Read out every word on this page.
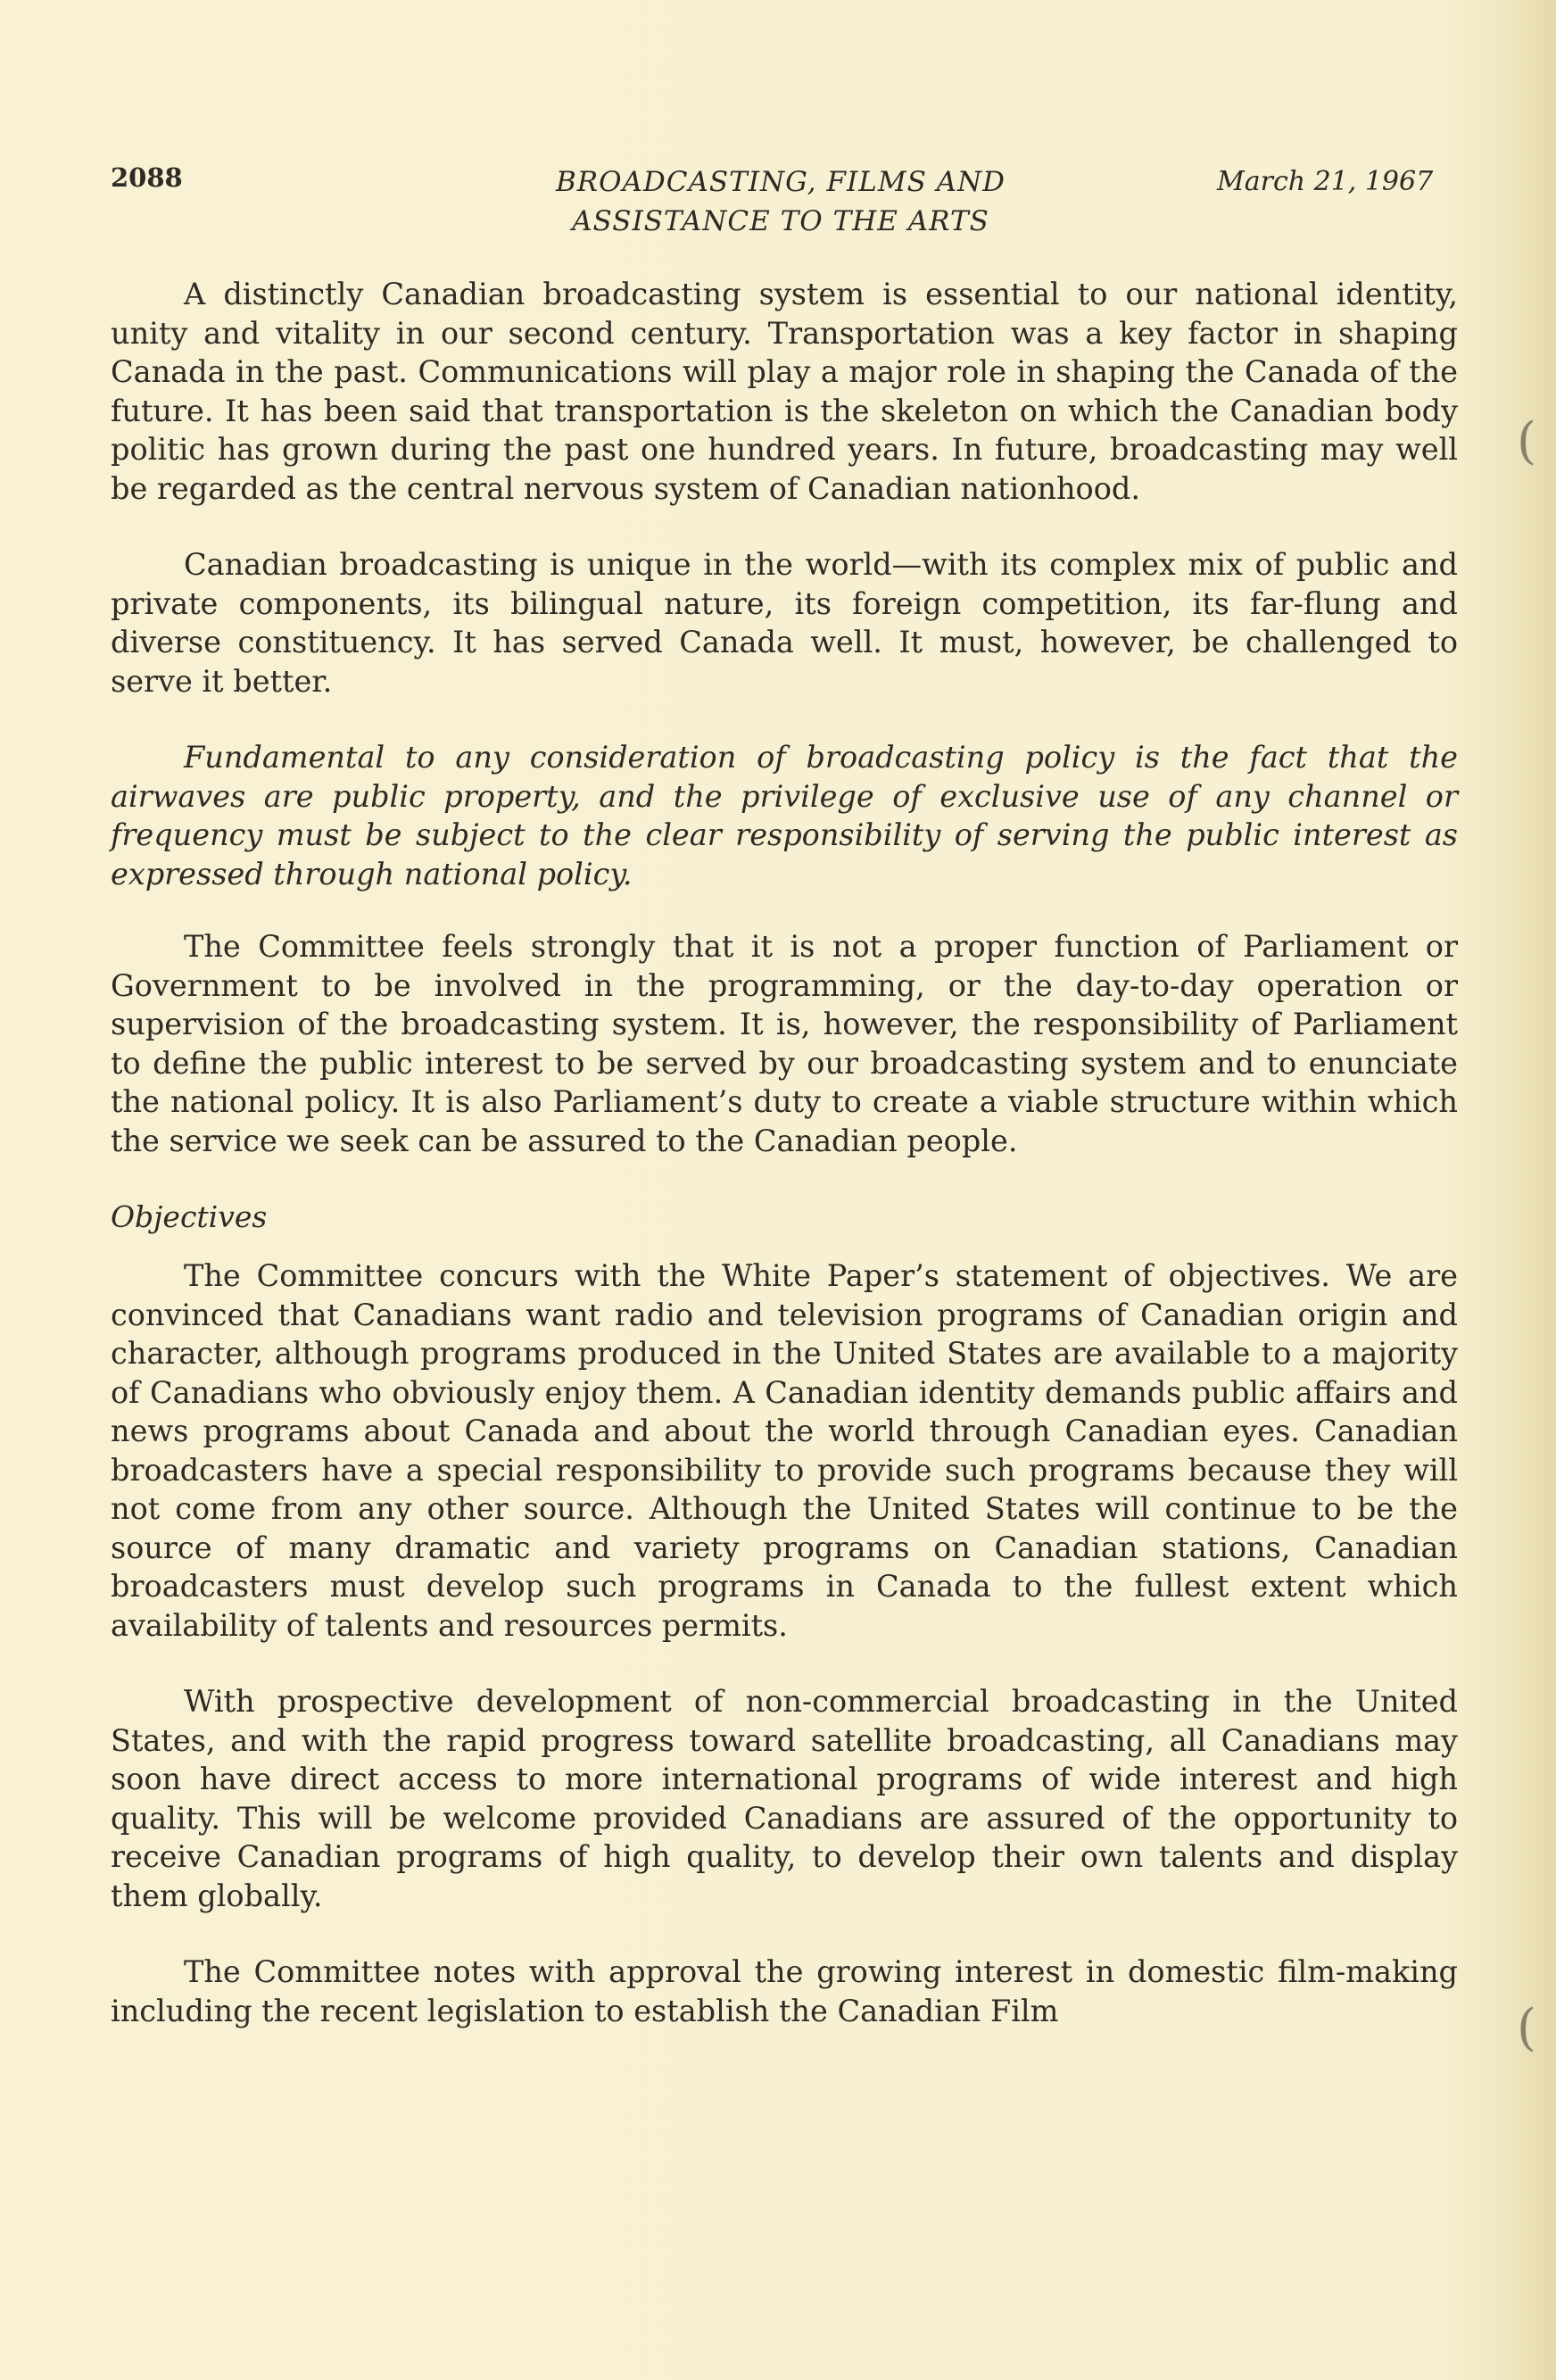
2088	BROADCASTING, FILMS AND
ASSISTANCE TO THE ARTS
March 21, 1967

A distinctly Canadian broadcasting system is essential to our national identity, unity and vitality in our second century. Transportation was a key factor in shaping Canada in the past. Communications will play a major role in shaping the Canada of the future. It has been said that transportation is the skeleton on which the Canadian body politic has grown during the past one hundred years. In future, broadcasting may well be regarded as the central nervous system of Canadian nationhood.

Canadian broadcasting is unique in the world—with its complex mix of public and private components, its bilingual nature, its foreign competition, its far-flung and diverse constituency. It has served Canada well. It must, however, be challenged to serve it better.

Fundamental to any consideration of broadcasting policy is the fact that the airwaves are public property, and the privilege of exclusive use of any channel or frequency must be subject to the clear responsibility of serving the public interest as expressed through national policy.

The Committee feels strongly that it is not a proper function of Parliament or Government to be involved in the programming, or the day-to-day operation or supervision of the broadcasting system. It is, however, the responsibility of Parliament to define the public interest to be served by our broadcasting system and to enunciate the national policy. It is also Parliament’s duty to create a viable structure within which the service we seek can be assured to the Canadian people.

Objectives

The Committee concurs with the White Paper’s statement of objectives. We are convinced that Canadians want radio and television programs of Canadian origin and character, although programs produced in the United States are available to a majority of Canadians who obviously enjoy them. A Canadian identity demands public affairs and news programs about Canada and about the world through Canadian eyes. Canadian broadcasters have a special responsibility to provide such programs because they will not come from any other source. Although the United States will continue to be the source of many dramatic and variety programs on Canadian stations, Canadian broadcasters must develop such programs in Canada to the fullest extent which availability of talents and resources permits.

With prospective development of non-commercial broadcasting in the United States, and with the rapid progress toward satellite broadcasting, all Canadians may soon have direct access to more international programs of wide interest and high quality. This will be welcome provided Canadians are assured of the opportunity to receive Canadian programs of high quality, to develop their own talents and display them globally.

The Committee notes with approval the growing interest in domestic film-making including the recent legislation to establish the Canadian Film

(
(
